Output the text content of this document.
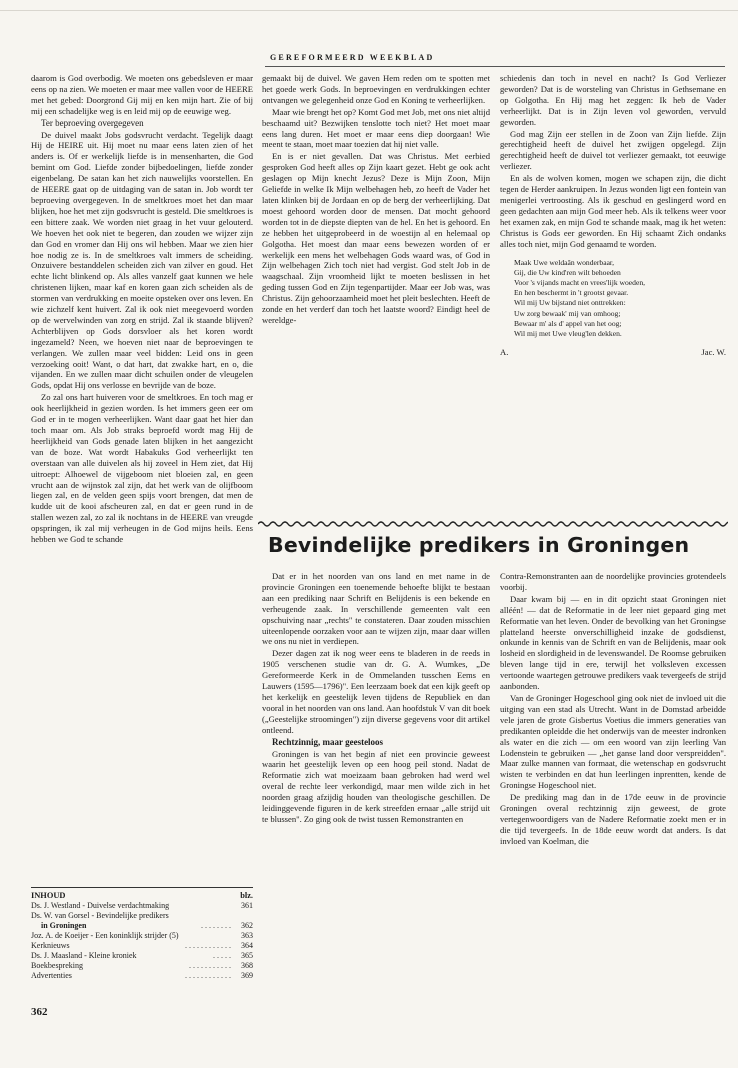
GEREFORMEERD WEEKBLAD

daarom is God overbodig. We moeten ons gebedsleven er maar eens op na zien. We moeten er maar mee vallen voor de HEERE met het gebed: Doorgrond Gij mij en ken mijn hart. Zie of bij mij een schadelijke weg is en leid mij op de eeuwige weg.

Ter beproeving overgegeven

De duivel maakt Jobs godsvrucht verdacht. Tegelijk daagt Hij de HEIRE uit. Hij moet nu maar eens laten zien of het anders is. Of er werkelijk liefde is in mensenharten, die God bemint om God. Liefde zonder bijbedoelingen, liefde zonder eigenbelang. De satan kan het zich nauwelijks voorstellen. En de HEERE gaat op de uitdaging van de satan in. Job wordt ter beproeving overgegeven. In de smeltkroes moet het dan maar blijken, hoe het met zijn godsvrucht is gesteld. Die smeltkroes is een bittere zaak. We worden niet graag in het vuur gelouterd. We hoeven het ook niet te begeren, dan zouden we wijzer zijn dan God en vromer dan Hij ons wil hebben. Maar we zien hier hoe nodig ze is. In de smeltkroes valt immers de scheiding. Onzuivere bestanddelen scheiden zich van zilver en goud. Het echte licht blinkend op. Als alles vanzelf gaat kunnen we hele christenen lijken, maar kaf en koren gaan zich scheiden als de stormen van verdrukking en moeite opsteken over ons leven. En wie zichzelf kent huivert. Zal ik ook niet meegevoerd worden op de wervelwinden van zorg en strijd. Zal ik staande blijven? Achterblijven op Gods dorsvloer als het koren wordt ingezameld? Neen, we hoeven niet naar de beproevingen te verlangen. We zullen maar veel bidden: Leid ons in geen verzoeking ooit! Want, o dat hart, dat zwakke hart, en o, die vijanden. En we zullen maar dicht schuilen onder de vleugelen Gods, opdat Hij ons verlosse en bevrijde van de boze.

Zo zal ons hart huiveren voor de smeltkroes. En toch mag er ook heerlijkheid in gezien worden. Is het immers geen eer om God er in te mogen verheerlijken. Want daar gaat het hier dan toch maar om. Als Job straks beproefd wordt mag Hij de heerlijkheid van Gods genade laten blijken in het aangezicht van de boze. Wat wordt Habakuks God verheerlijkt ten overstaan van alle duivelen als hij zoveel in Hem ziet, dat Hij uitroept: Alhoewel de vijgeboom niet bloeien zal, en geen vrucht aan de wijnstok zal zijn, dat het werk van de olijfboom liegen zal, en de velden geen spijs voort brengen, dat men de kudde uit de kooi afscheuren zal, en dat er geen rund in de stallen wezen zal, zo zal ik nochtans in de HEERE van vreugde opspringen, ik zal mij verheugen in de God mijns heils. Eens hebben we God te schande

gemaakt bij de duivel. We gaven Hem reden om te spotten met het goede werk Gods. In beproevingen en verdrukkingen echter ontvangen we gelegenheid onze God en Koning te verheerlijken.

Maar wie brengt het op? Komt God met Job, met ons niet altijd beschaamd uit? Bezwijken tenslotte toch niet? Het moet maar eens lang duren. Het moet er maar eens diep doorgaan! Wie meent te staan, moet maar toezien dat hij niet valle.

En is er niet gevallen. Dat was Christus. Met eerbied gesproken God heeft alles op Zijn kaart gezet. Hebt ge ook acht geslagen op Mijn knecht Jezus? Deze is Mijn Zoon, Mijn Geliefde in welke Ik Mijn welbehagen heb, zo heeft de Vader het laten klinken bij de Jordaan en op de berg der verheerlijking. Dat moest gehoord worden door de mensen. Dat mocht gehoord worden tot in de diepste diepten van de hel. En het is gehoord. En ze hebben het uitgeprobeerd in de woestijn al en helemaal op Golgotha. Het moest dan maar eens bewezen worden of er werkelijk een mens het welbehagen Gods waard was, of God in Zijn welbehagen Zich toch niet had vergist. God stelt Job in de waagschaal. Zijn vroomheid lijkt te moeten beslissen in het geding tussen God en Zijn tegenpartijder. Maar eer Job was, was Christus. Zijn gehoorzaamheid moet het pleit beslechten. Heeft de zonde en het verderf dan toch het laatste woord? Eindigt heel de wereldge-

schiedenis dan toch in nevel en nacht? Is God Verliezer geworden? Dat is de worsteling van Christus in Gethsemane en op Golgotha. En Hij mag het zeggen: Ik heb de Vader verheerlijkt. Dat is in Zijn leven vol geworden, vervuld geworden.

God mag Zijn eer stellen in de Zoon van Zijn liefde. Zijn gerechtigheid heeft de duivel het zwijgen opgelegd. Zijn gerechtigheid heeft de duivel tot verliezer gemaakt, tot eeuwige verliezer.

En als de wolven komen, mogen we schapen zijn, die dicht tegen de Herder aankruipen. In Jezus wonden ligt een fontein van menigerlei vertroosting. Als ik geschud en geslingerd word en geen gedachten aan mijn God meer heb. Als ik telkens weer voor het examen zak, en mijn God te schande maak, mag ik het weten: Christus is Gods eer geworden. En Hij schaamt Zich ondanks alles toch niet, mijn God genaamd te worden.

Maak Uwe weldaân wonderbaar,
Gij, die Uw kind'ren wilt behoeden
Voor 's vijands macht en vrees'lijk woeden,
En hen beschermt in 't grootst gevaar.
Wil mij Uw bijstand niet onttrekken:
Uw zorg bewaak' mij van omhoog;
Bewaar m' als d' appel van het oog;
Wil mij met Uwe vleug'len dekken.
A.	Jac. W.
Bevindelijke predikers in Groningen

Dat er in het noorden van ons land en met name in de provincie Groningen een toenemende behoefte blijkt te bestaan aan een prediking naar Schrift en Belijdenis is een bekende en verheugende zaak. In verschillende gemeenten valt een opschuiving naar „rechts" te constateren. Daar zouden misschien uiteenlopende oorzaken voor aan te wijzen zijn, maar daar willen we ons nu niet in verdiepen.

Dezer dagen zat ik nog weer eens te bladeren in de reeds in 1905 verschenen studie van dr. G. A. Wumkes, „De Gereformeerde Kerk in de Ommelanden tusschen Eems en Lauwers (1595—1796)". Een leerzaam boek dat een kijk geeft op het kerkelijk en geestelijk leven tijdens de Republiek en dan vooral in het noorden van ons land. Aan hoofdstuk V van dit boek („Geestelijke stroomingen") zijn diverse gegevens voor dit artikel ontleend.

Rechtzinnig, maar geesteloos

Groningen is van het begin af niet een provincie geweest waarin het geestelijk leven op een hoog peil stond. Nadat de Reformatie zich wat moeizaam baan gebroken had werd wel overal de rechte leer verkondigd, maar men wilde zich in het noorden graag afzijdig houden van theologische geschillen. De leidinggevende figuren in de kerk streefden ernaar „alle strijd uit te blussen". Zo ging ook de twist tussen Remonstranten en

Contra-Remonstranten aan de noordelijke provincies grotendeels voorbij.

Daar kwam bij — en in dit opzicht staat Groningen niet alléén! — dat de Reformatie in de leer niet gepaard ging met Reformatie van het leven. Onder de bevolking van het Groningse platteland heerste onverschilligheid inzake de godsdienst, onkunde in kennis van de Schrift en van de Belijdenis, maar ook losheid en slordigheid in de levenswandel. De Roomse gebruiken bleven lange tijd in ere, terwijl het volksleven excessen vertoonde waartegen getrouwe predikers vaak tevergeefs de strijd aanbonden.

Van de Groninger Hogeschool ging ook niet de invloed uit die uitging van een stad als Utrecht. Want in de Domstad arbeidde vele jaren de grote Gisbertus Voetius die immers generaties van predikanten opleidde die het onderwijs van de meester indronken als water en die zich — om een woord van zijn leerling Van Lodenstein te gebruiken — „het ganse land door verspreidden". Maar zulke mannen van formaat, die wetenschap en godsvrucht wisten te verbinden en dat hun leerlingen inprentten, kende de Groningse Hogeschool niet.

De prediking mag dan in de 17de eeuw in de provincie Groningen overal rechtzinnig zijn geweest, de grote vertegenwoordigers van de Nadere Reformatie zoekt men er in die tijd tevergeefs. In de 18de eeuw wordt dat anders. Is dat invloed van Koelman, die

INHOUD	blz.
Ds. J. Westland - Duivelse verdachtmaking	361
Ds. W. van Gorsel - Bevindelijke predikers
in Groningen	. . . . . . . .	362
Joz. A. de Koeijer - Een koninklijk strijder (5)	363
Kerknieuws	. . . . . . . . . . . .	364
Ds. J. Maasland - Kleine kroniek	. . . . .	365
Boekbespreking	. . . . . . . . . . .	368
Advertenties	. . . . . . . . . . . .	369
362
